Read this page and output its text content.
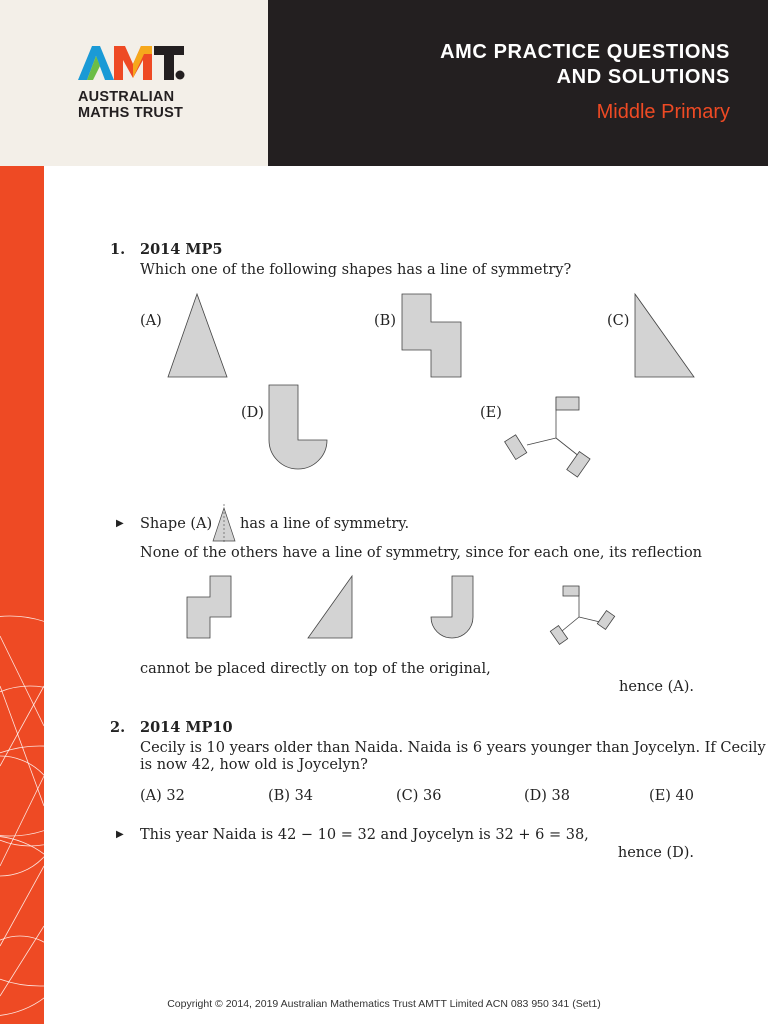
AUSTRALIAN
MATHS TRUST
AMC PRACTICE QUESTIONS
AND SOLUTIONS
Middle Primary
1. 2014 MP5
Which one of the following shapes has a line of symmetry?
(A)	(B)	(C)
(D)	(E)
▶ Shape (A) has a line of symmetry.
None of the others have a line of symmetry, since for each one, its reflection
cannot be placed directly on top of the original,
hence (A).
2. 2014 MP10
Cecily is 10 years older than Naida. Naida is 6 years younger than Joycelyn. If Cecily
is now 42, how old is Joycelyn?
(A) 32	(B) 34	(C) 36	(D) 38	(E) 40
▶ This year Naida is 42 − 10 = 32 and Joycelyn is 32 + 6 = 38,
hence (D).
Copyright © 2014, 2019 Australian Mathematics Trust AMTT Limited ACN 083 950 341 (Set1)
